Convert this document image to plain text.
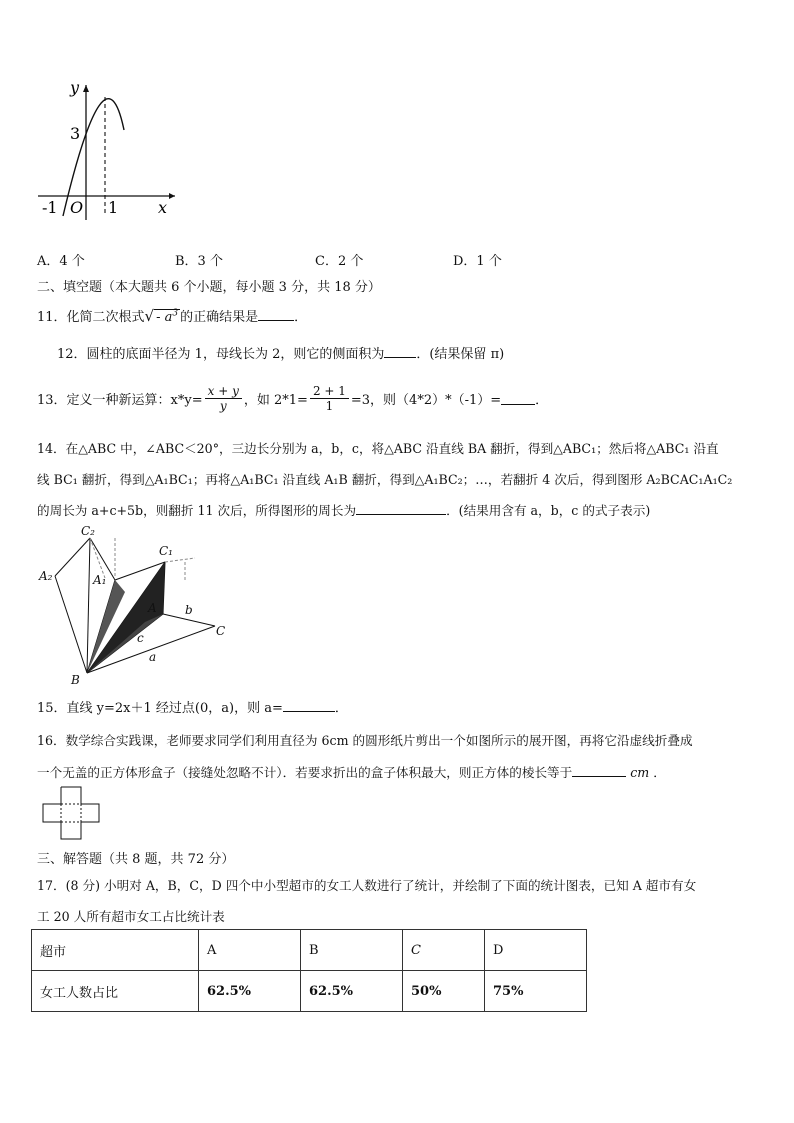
y
x
3
-1 O 1
A．4 个	B．3 个	C．2 个	D．1 个
二、填空题（本大题共 6 个小题，每小题 3 分，共 18 分）
11．化简二次根式√ - $a^3$ 的正确结果是	．
12．圆柱的底面半径为 1，母线长为 2，则它的侧面积为 ．(结果保留 π)
13．定义一种新运算：$x*y= \frac{x + y}{y}$ ，如 $2*1= \frac{2 + 1}{1} =3$，则（4*2）*（-1）=	．
14．在△ABC 中，∠ABC＜20°，三边长分别为 a，b，c，将△ABC 沿直线 BA 翻折，得到△ABC₁；然后将△ABC₁ 沿直
线 BC₁ 翻折，得到△A₁BC₁；再将△A₁BC₁ 沿直线 A₁B 翻折，得到△A₁BC₂；…，若翻折 4 次后，得到图形 A₂BCAC₁A₁C₂
的周长为 a+c+5b，则翻折 11 次后，所得图形的周长为	．(结果用含有 a，b，c 的式子表示)
C₂
C₁
A₂	A₁
A b
C
c
a
B
15．直线 y=2x＋1 经过点(0，a)，则 a=	．
16．数学综合实践课，老师要求同学们利用直径为 6cm 的圆形纸片剪出一个如图所示的展开图，再将它沿虚线折叠成
一个无盖的正方体形盒子（接缝处忽略不计）．若要求折出的盒子体积最大，则正方体的棱长等于	cm ．
三、解答题（共 8 题，共 72 分）
17．(8 分) 小明对 A，B，C，D 四个中小型超市的女工人数进行了统计，并绘制了下面的统计图表，已知 A 超市有女
工 20 人所有超市女工占比统计表
超市	A	B	C	D
女工人数占比	62.5%	62.5%	50%	75%
